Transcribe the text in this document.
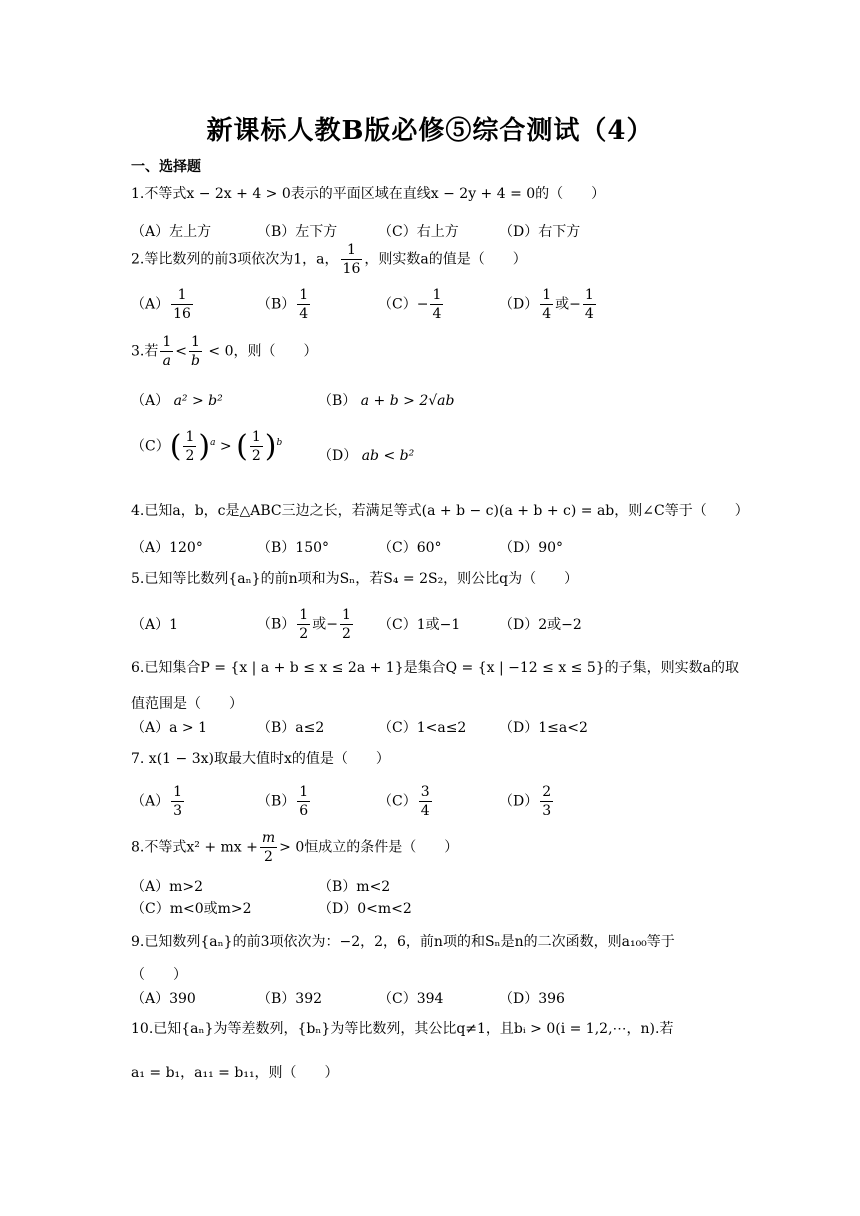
新课标人教B版必修⑤综合测试（4）
一、选择题
1.不等式x − 2x + 4 > 0表示的平面区域在直线x − 2y + 4 = 0的（　　）
（A）左上方	（B）左下方	（C）右上方	（D）右下方
2.等比数列的前3项依次为1，a， $\frac{1}{16}$ ，则实数a的值是（　　）
$(A) \frac{1}{16}$	$(B) \frac{1}{4}$	$(C)- \frac{1}{4}$	$(D) \frac{1}{4}$ 或− $\frac{1}{4}$
3.若 $\frac{1}{a} < \frac{1}{b} < 0$，则（　　）
（A） a² > b²	（B） a + b > 2√ab
$(C)( \frac{1}{2} )^a$ > ( $\frac{1}{2} )^b$
（D） ab < b²
4.已知a，b，c是△ABC三边之长，若满足等式(a + b − c)(a + b + c) = ab，则∠C等于（　　）
（A）120°	（B）150°	（C）60°	（D）90°
5.已知等比数列{aₙ}的前n项和为Sₙ，若S₄ = 2S₂，则公比q为（　　）
（A）1	$(B) \frac{1}{2}$ 或− $\frac{1}{2} (C)1$或−1	（D）2或−2
6.已知集合P = {x | a + b ≤ x ≤ 2a + 1}是集合Q = {x | −12 ≤ x ≤ 5}的子集，则实数a的取
值范围是（　　）
（A）a > 1	（B）a≤2	（C）1<a≤2 （D）1≤a<2
7. x(1 − 3x)取最大值时x的值是（　　）
$(A) \frac{1}{3}$	$(B) \frac{1}{6}$	$(C) \frac{3}{4}$	$(D) \frac{2}{3}$
8.不等式x² + mx + $\frac{m}{2} > 0$恒成立的条件是（　　）
（A）m>2	（B）m<2
（C）m<0或m>2	（D）0<m<2
9.已知数列{aₙ}的前3项依次为：−2，2，6，前n项的和Sₙ是n的二次函数，则a₁₀₀等于
（　　）
（A）390	（B）392	（C）394	（D）396
10.已知{aₙ}为等差数列，{bₙ}为等比数列，其公比q≠1，且bᵢ > 0(i = 1,2,⋯，n).若
a₁ = b₁，a₁₁ = b₁₁，则（　　）
